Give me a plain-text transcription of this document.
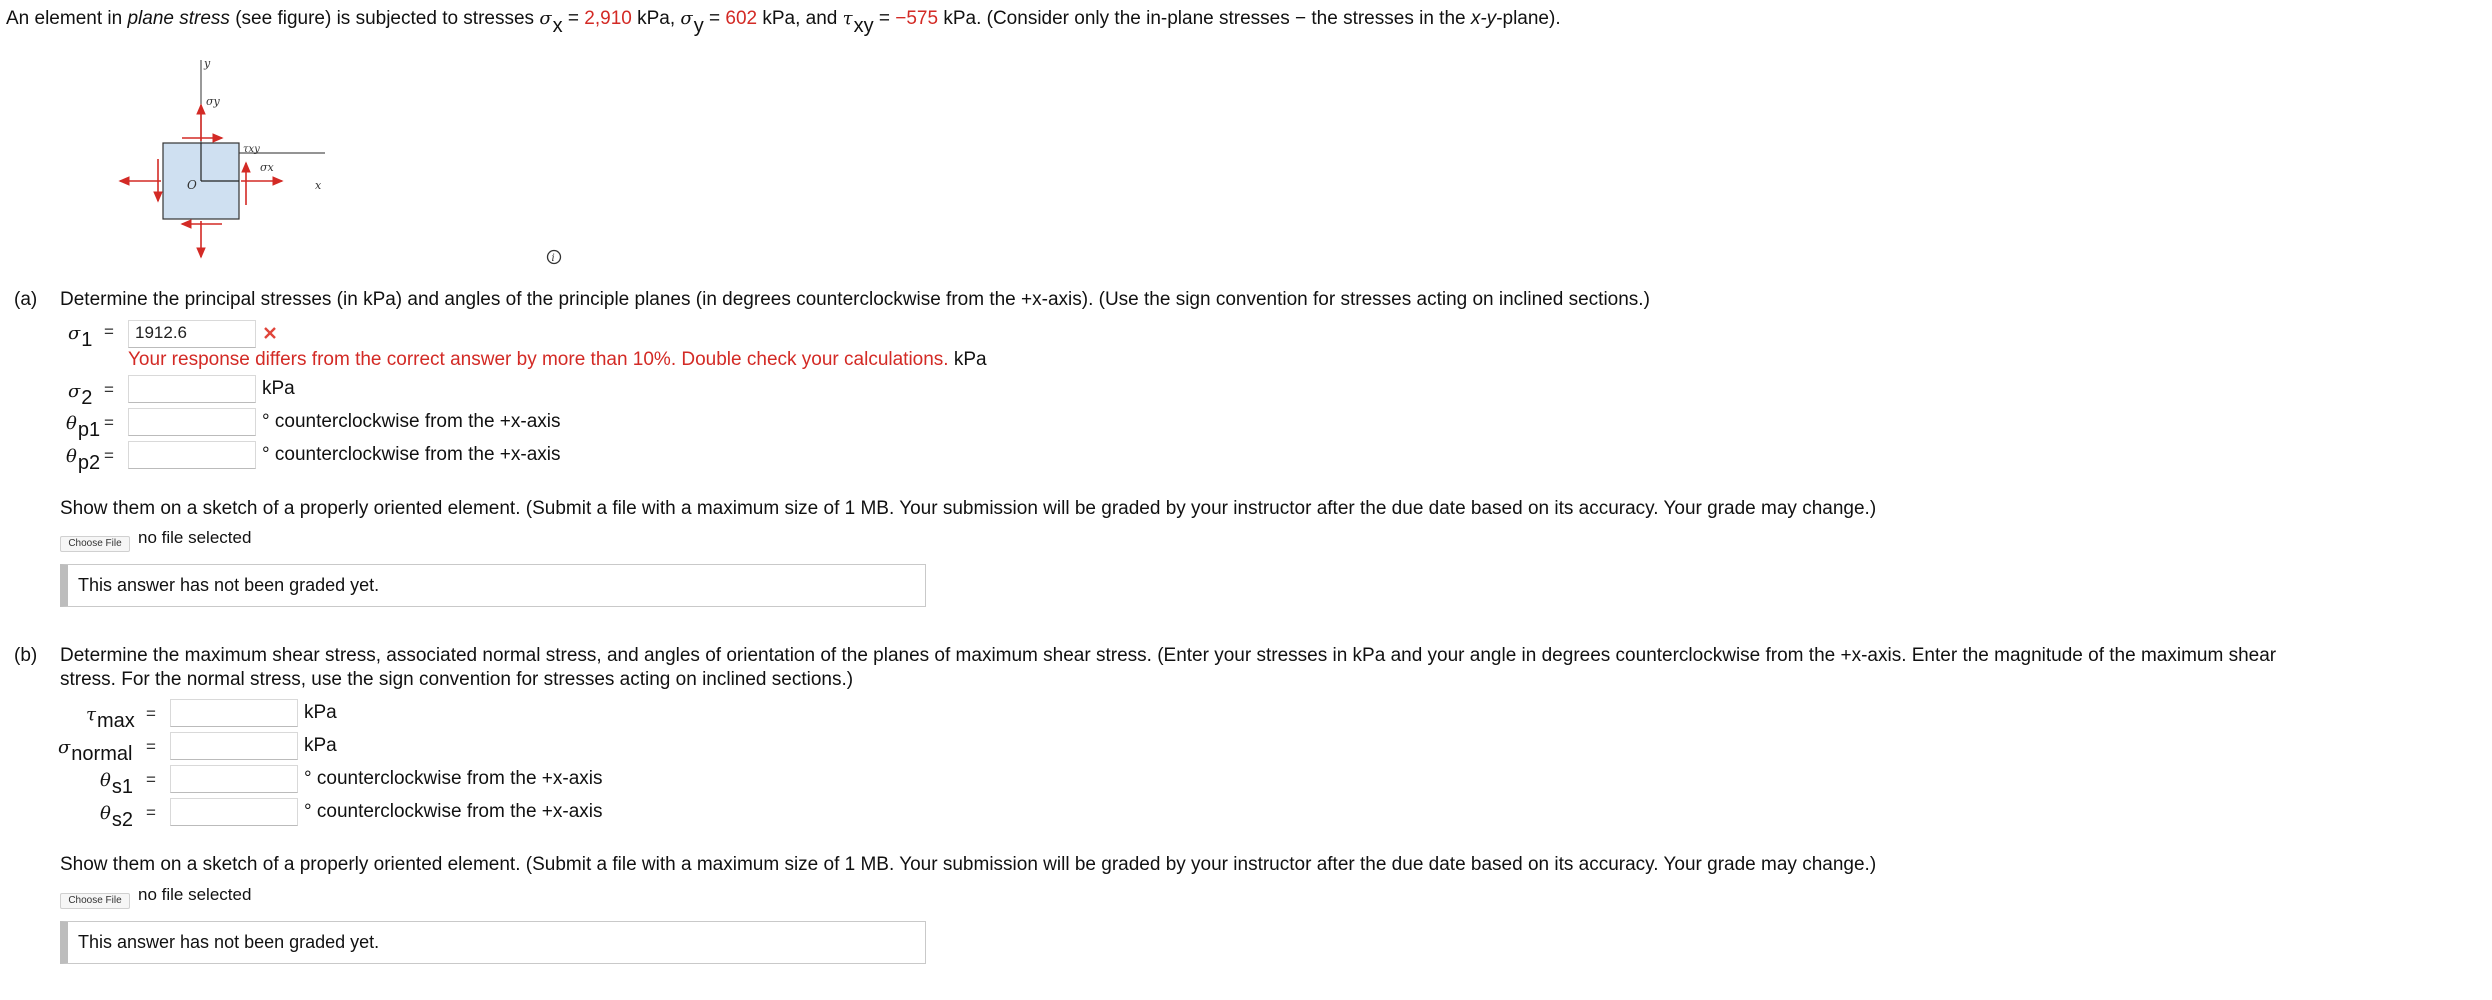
An element in plane stress (see figure) is subjected to stresses σx = 2,910 kPa, σy = 602 kPa, and τxy = −575 kPa. (Consider only the in-plane stresses − the stresses in the x-y-plane).
y
x
O
σy
σx
τxy
i
(a) Determine the principal stresses (in kPa) and angles of the principle planes (in degrees counterclockwise from the +x-axis). (Use the sign convention for stresses acting on inclined sections.)
σ1 =	1912.6
Your response differs from the correct answer by more than 10%. Double check your calculations. kPa
σ2 =	kPa
θp1 =	° counterclockwise from the +x-axis
θp2 =	° counterclockwise from the +x-axis
Show them on a sketch of a properly oriented element. (Submit a file with a maximum size of 1 MB. Your submission will be graded by your instructor after the due date based on its accuracy. Your grade may change.)
Choose File no file selected
This answer has not been graded yet.
(b) Determine the maximum shear stress, associated normal stress, and angles of orientation of the planes of maximum shear stress. (Enter your stresses in kPa and your angle in degrees counterclockwise from the +x-axis. Enter the magnitude of the maximum shear
stress. For the normal stress, use the sign convention for stresses acting on inclined sections.)
τmax =	kPa
σnormal =	kPa
θs1 =	° counterclockwise from the +x-axis
θs2 =	° counterclockwise from the +x-axis
Show them on a sketch of a properly oriented element. (Submit a file with a maximum size of 1 MB. Your submission will be graded by your instructor after the due date based on its accuracy. Your grade may change.)
Choose File no file selected
This answer has not been graded yet.
